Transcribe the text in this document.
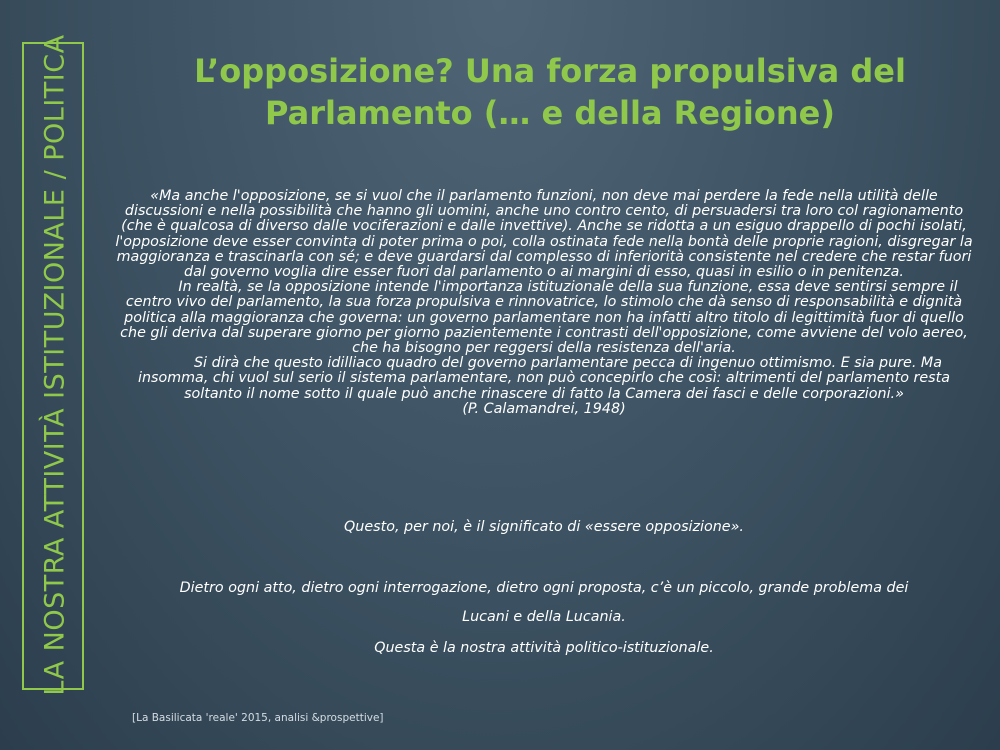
LA NOSTRA ATTIVITÀ ISTITUZIONALE / POLITICA	L’opposizione? Una forza propulsiva del
Parlamento (… e della Regione)

«Ma anche l'opposizione, se si vuol che il parlamento funzioni, non deve mai perdere la fede nella utilità delle discussioni e nella possibilità che hanno gli uomini, anche uno contro cento, di persuadersi tra loro col ragionamento (che è qualcosa di diverso dalle vociferazioni e dalle invettive). Anche se ridotta a un esiguo drappello di pochi isolati, l'opposizione deve esser convinta di poter prima o poi, colla ostinata fede nella bontà delle proprie ragioni, disgregar la maggioranza e trascinarla con sé; e deve guardarsi dal complesso di inferiorità consistente nel credere che restar fuori dal governo voglia dire esser fuori dal parlamento o ai margini di esso, quasi in esilio o in penitenza.

In realtà, se la opposizione intende l'importanza istituzionale della sua funzione, essa deve sentirsi sempre il centro vivo del parlamento, la sua forza propulsiva e rinnovatrice, lo stimolo che dà senso di responsabilità e dignità politica alla maggioranza che governa: un governo parlamentare non ha infatti altro titolo di legittimità fuor di quello che gli deriva dal superare giorno per giorno pazientemente i contrasti dell'opposizione, come avviene del volo aereo, che ha bisogno per reggersi della resistenza dell'aria.

Si dirà che questo idilliaco quadro del governo parlamentare pecca di ingenuo ottimismo. E sia pure. Ma insomma, chi vuol sul serio il sistema parlamentare, non può concepirlo che così: altrimenti del parlamento resta soltanto il nome sotto il quale può anche rinascere di fatto la Camera dei fasci e delle corporazioni.»

(P. Calamandrei, 1948)

Questo, per noi, è il significato di «essere opposizione».
Dietro ogni atto, dietro ogni interrogazione, dietro ogni proposta, c’è un piccolo, grande problema dei
Lucani e della Lucania.
Questa è la nostra attività politico-istituzionale.
[La Basilicata 'reale' 2015, analisi &prospettive]
